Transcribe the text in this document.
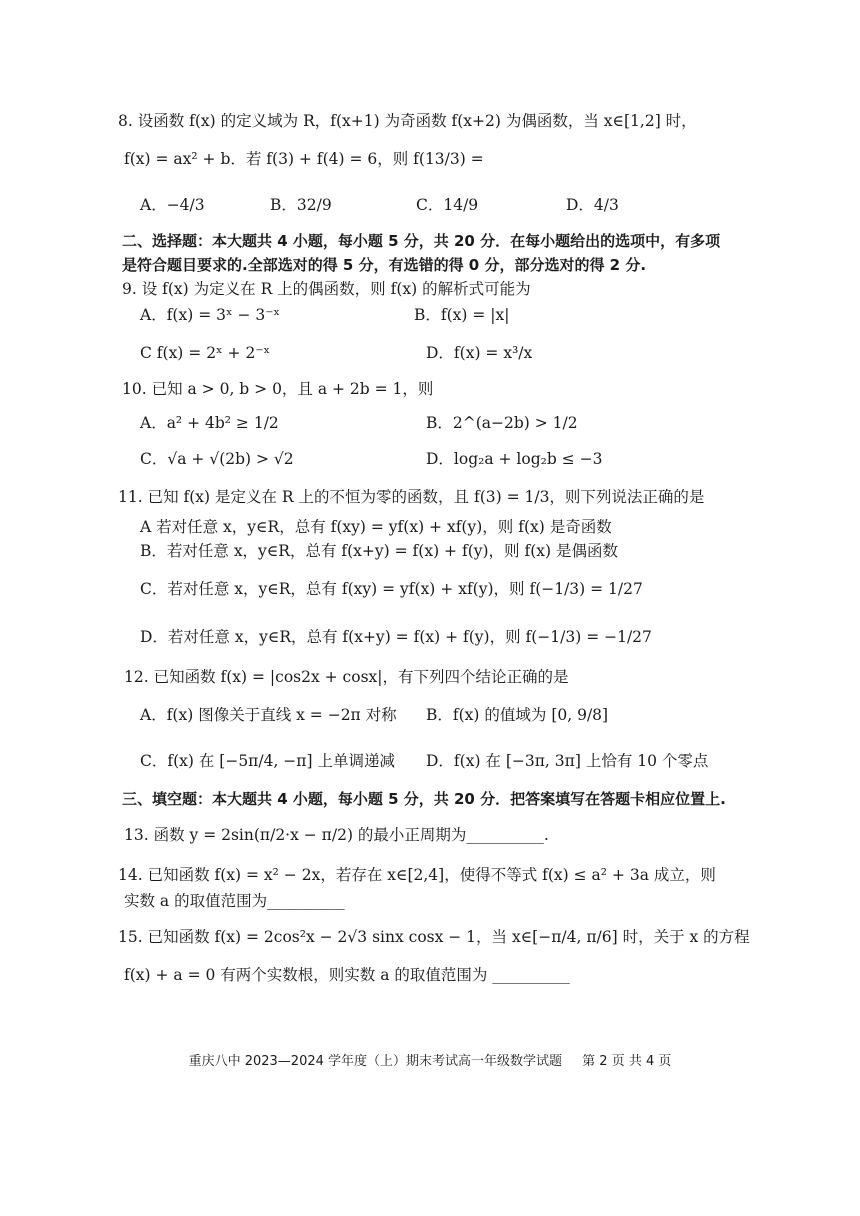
8. 设函数 f(x) 的定义域为 R，f(x+1) 为奇函数 f(x+2) 为偶函数，当 x∈[1,2] 时，
f(x) = ax² + b．若 f(3) + f(4) = 6，则 f(13/3) =
A．−4/3	B．32/9	C．14/9	D．4/3
二、选择题：本大题共 4 小题，每小题 5 分，共 20 分．在每小题给出的选项中，有多项
是符合题目要求的.全部选对的得 5 分，有选错的得 0 分，部分选对的得 2 分.
9. 设 f(x) 为定义在 R 上的偶函数，则 f(x) 的解析式可能为
A．f(x) = 3ˣ − 3⁻ˣ	B．f(x) = |x|
C f(x) = 2ˣ + 2⁻ˣ	D．f(x) = x³/x
10. 已知 a > 0, b > 0，且 a + 2b = 1，则
A．a² + 4b² ≥ 1/2	B．2^(a−2b) > 1/2
C．√a + √(2b) > √2	D．log₂a + log₂b ≤ −3
11. 已知 f(x) 是定义在 R 上的不恒为零的函数，且 f(3) = 1/3，则下列说法正确的是
A 若对任意 x，y∈R，总有 f(xy) = yf(x) + xf(y)，则 f(x) 是奇函数
B．若对任意 x，y∈R，总有 f(x+y) = f(x) + f(y)，则 f(x) 是偶函数
C．若对任意 x，y∈R，总有 f(xy) = yf(x) + xf(y)，则 f(−1/3) = 1/27
D．若对任意 x，y∈R，总有 f(x+y) = f(x) + f(y)，则 f(−1/3) = −1/27
12. 已知函数 f(x) = |cos2x + cosx|，有下列四个结论正确的是
A．f(x) 图像关于直线 x = −2π 对称 B．f(x) 的值域为 [0, 9/8]
C．f(x) 在 [−5π/4, −π] 上单调递减 D．f(x) 在 [−3π, 3π] 上恰有 10 个零点
三、填空题：本大题共 4 小题，每小题 5 分，共 20 分．把答案填写在答题卡相应位置上.
13. 函数 y = 2sin(π/2·x − π/2) 的最小正周期为__________.
14. 已知函数 f(x) = x² − 2x，若存在 x∈[2,4]，使得不等式 f(x) ≤ a² + 3a 成立，则
实数 a 的取值范围为__________
15. 已知函数 f(x) = 2cos²x − 2√3 sinx cosx − 1，当 x∈[−π/4, π/6] 时，关于 x 的方程
f(x) + a = 0 有两个实数根，则实数 a 的取值范围为 __________
重庆八中 2023—2024 学年度（上）期末考试高一年级数学试题 第 2 页 共 4 页
